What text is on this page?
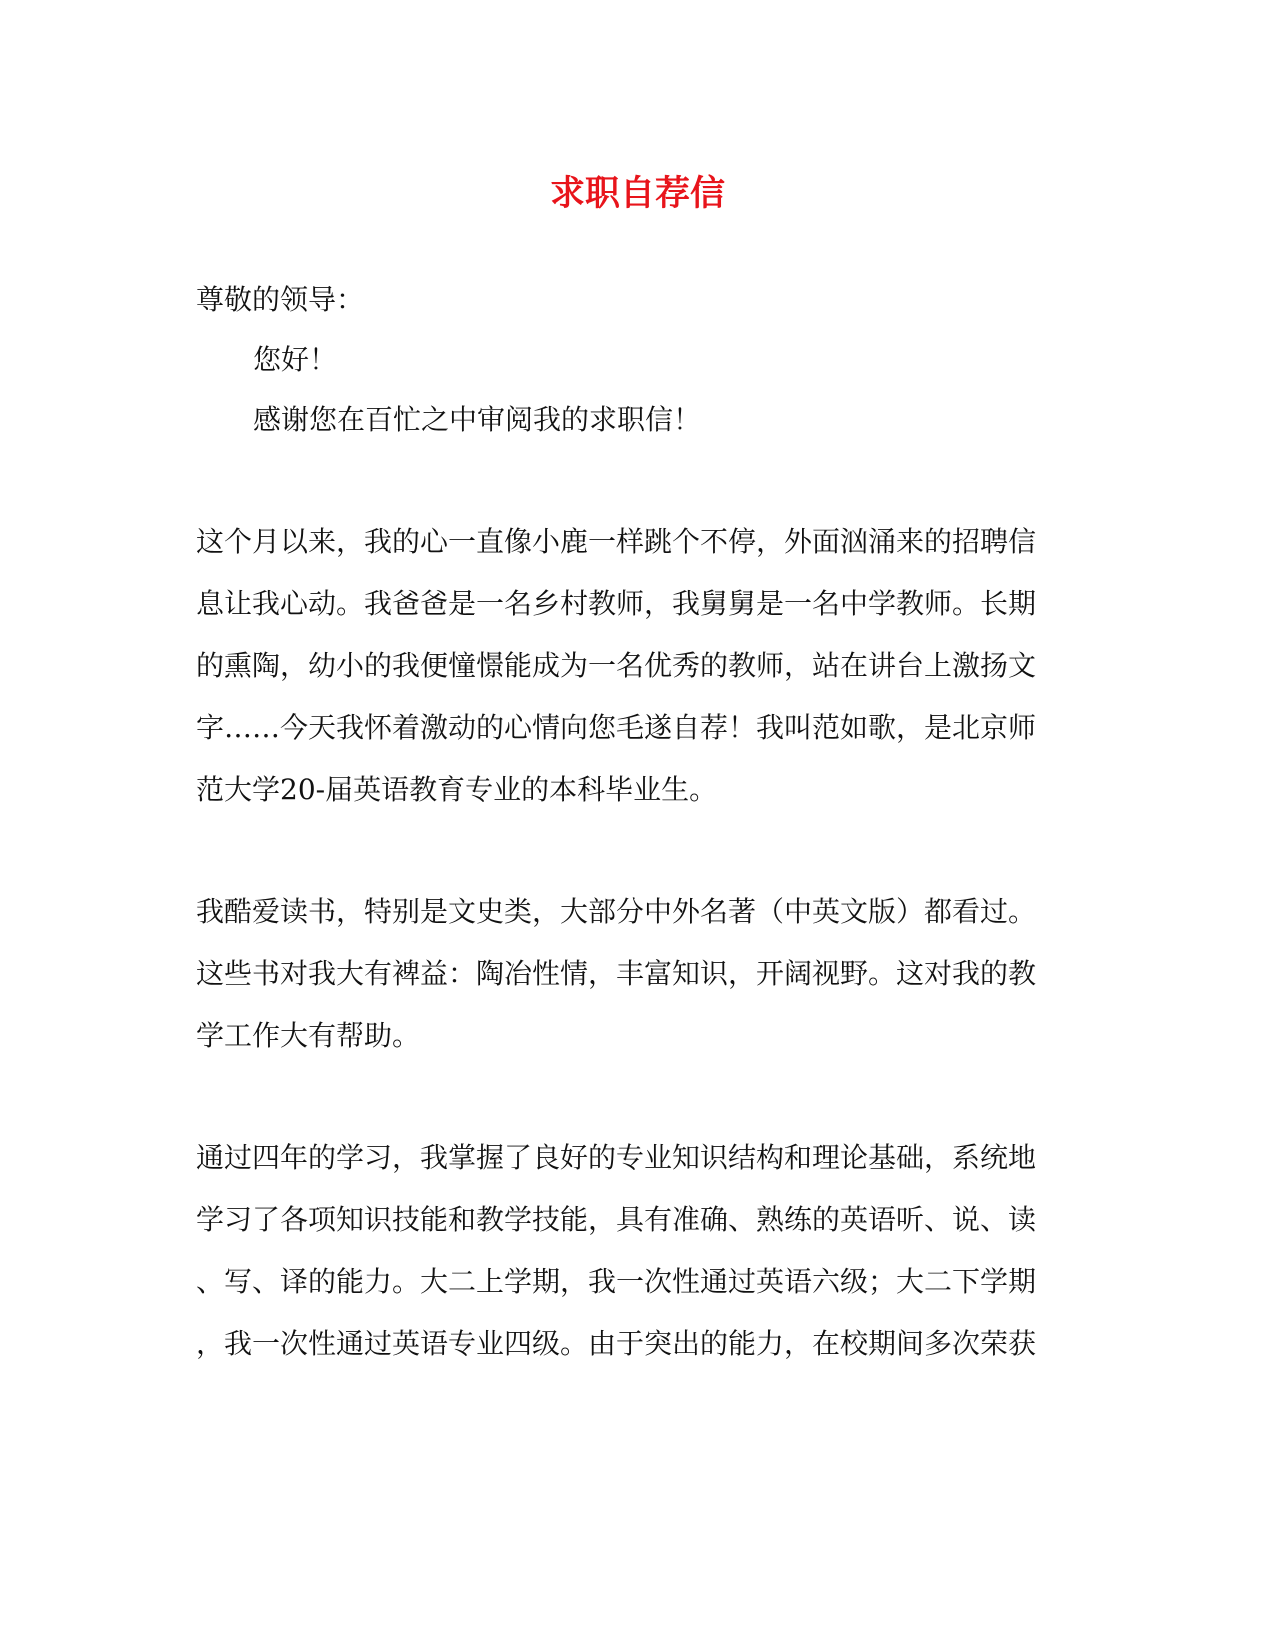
求职自荐信

尊敬的领导：

您好！

感谢您在百忙之中审阅我的求职信！

这个月以来，我的心一直像小鹿一样跳个不停，外面汹涌来的招聘信

息让我心动。我爸爸是一名乡村教师，我舅舅是一名中学教师。长期

的熏陶，幼小的我便憧憬能成为一名优秀的教师，站在讲台上激扬文

字……今天我怀着激动的心情向您毛遂自荐！我叫范如歌，是北京师

范大学20-届英语教育专业的本科毕业生。

我酷爱读书，特别是文史类，大部分中外名著（中英文版）都看过。

这些书对我大有裨益：陶冶性情，丰富知识，开阔视野。这对我的教

学工作大有帮助。

通过四年的学习，我掌握了良好的专业知识结构和理论基础，系统地

学习了各项知识技能和教学技能，具有准确、熟练的英语听、说、读

、写、译的能力。大二上学期，我一次性通过英语六级；大二下学期

，我一次性通过英语专业四级。由于突出的能力，在校期间多次荣获
